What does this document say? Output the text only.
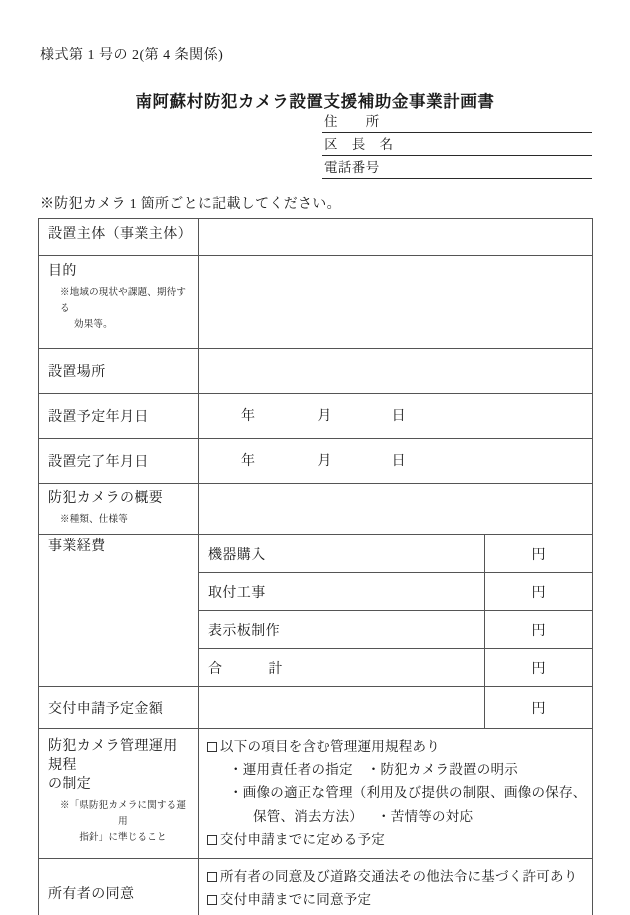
様式第 1 号の 2(第 4 条関係)
南阿蘇村防犯カメラ設置支援補助金事業計画書
住　　所
区　長　名
電話番号
※防犯カメラ 1 箇所ごとに記載してください。
設置主体（事業主体）		

目的
※地域の現状や課題、期待する
効果等。		

設置場所		

設置予定年月日	年 月 日	

設置完了年月日	年 月 日	

防犯カメラの概要
※種類、仕様等		

事業経費	機器購入	円

	取付工事	円

	表示板制作	円

	合 計	円

交付申請予定金額		円

防犯カメラ管理運用規程
の制定
※「県防犯カメラに関する運用
指針」に準じること

以下の項目を含む管理運用規程あり
・運用責任者の指定 ・防犯カメラ設置の明示
・画像の適正な管理（利用及び提供の制限、画像の保存、
保管、消去方法） ・苦情等の対応
交付申請までに定める予定

所有者の同意	所有者の同意及び道路交通法その他法令に基づく許可あり
交付申請までに同意予定	
